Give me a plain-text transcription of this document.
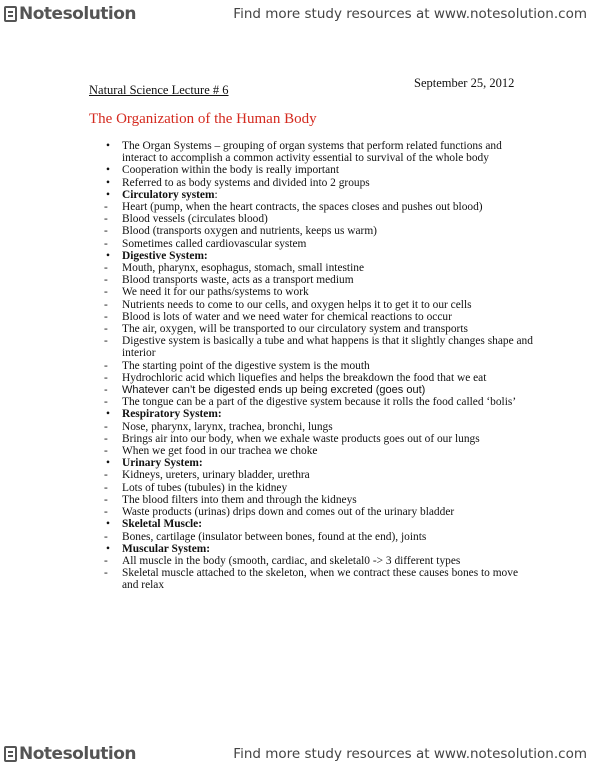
Notesolution	Find more study resources at www.notesolution.com
September 25, 2012
Natural Science Lecture # 6
The Organization of the Human Body
•
The Organ Systems – grouping of organ systems that perform related functions and interact to accomplish a common activity essential to survival of the whole body
•
Cooperation within the body is really important
•
Referred to as body systems and divided into 2 groups
•
Circulatory system:
- Heart (pump, when the heart contracts, the spaces closes and pushes out blood)
- Blood vessels (circulates blood)
- Blood (transports oxygen and nutrients, keeps us warm)
- Sometimes called cardiovascular system
•
Digestive System:
- Mouth, pharynx, esophagus, stomach, small intestine
- Blood transports waste, acts as a transport medium
- We need it for our paths/systems to work
- Nutrients needs to come to our cells, and oxygen helps it to get it to our cells
- Blood is lots of water and we need water for chemical reactions to occur
- The air, oxygen, will be transported to our circulatory system and transports
- Digestive system is basically a tube and what happens is that it slightly changes shape and interior
- The starting point of the digestive system is the mouth
- Hydrochloric acid which liquefies and helps the breakdown the food that we eat
- Whatever can’t be digested ends up being excreted (goes out)
- The tongue can be a part of the digestive system because it rolls the food called ‘bolis’
•
Respiratory System:
- Nose, pharynx, larynx, trachea, bronchi, lungs
- Brings air into our body, when we exhale waste products goes out of our lungs
- When we get food in our trachea we choke
•
Urinary System:
- Kidneys, ureters, urinary bladder, urethra
- Lots of tubes (tubules) in the kidney
- The blood filters into them and through the kidneys
- Waste products (urinas) drips down and comes out of the urinary bladder
•
Skeletal Muscle:
- Bones, cartilage (insulator between bones, found at the end), joints
•
Muscular System:
- All muscle in the body (smooth, cardiac, and skeletal0 -> 3 different types
- Skeletal muscle attached to the skeleton, when we contract these causes bones to move and relax
Notesolution	Find more study resources at www.notesolution.com
